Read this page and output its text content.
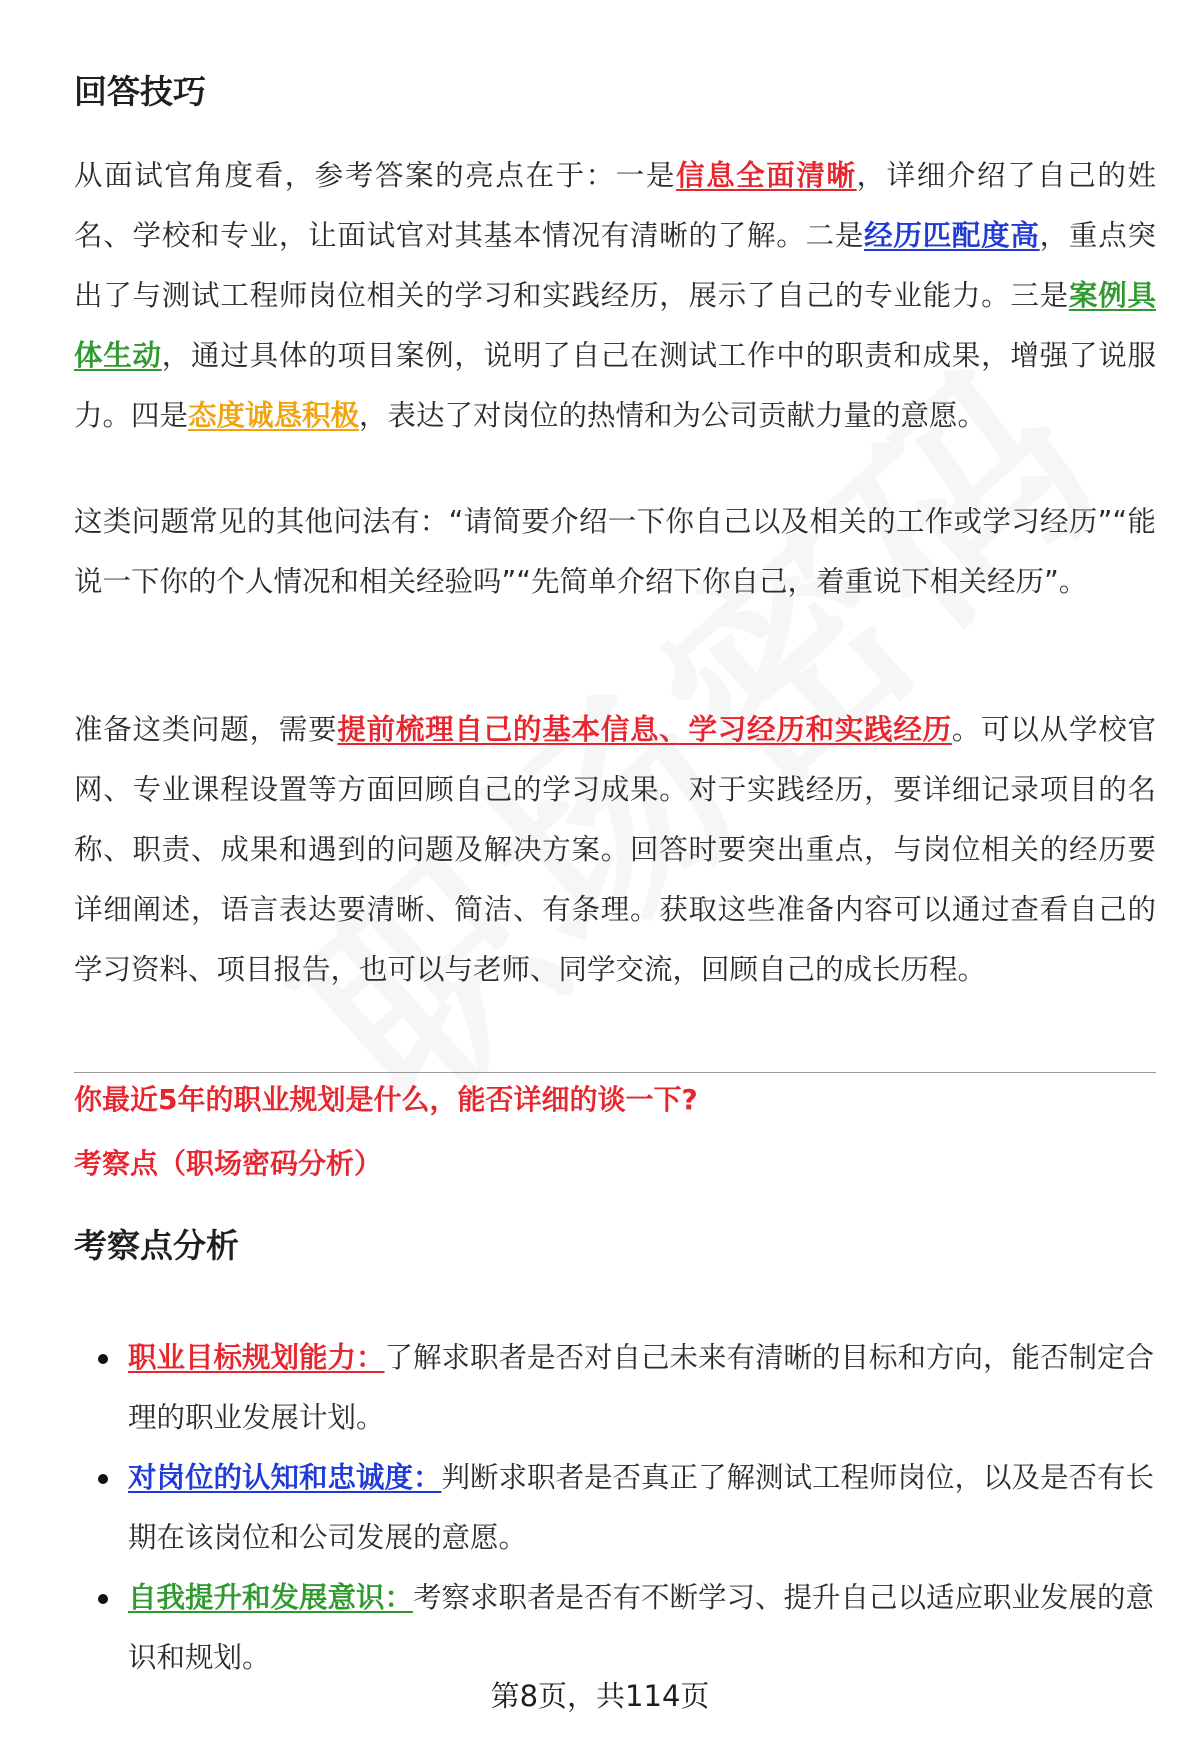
回答技巧

从面试官角度看，参考答案的亮点在于：一是信息全面清晰，详细介绍了自己的姓名、学校和专业，让面试官对其基本情况有清晰的了解。二是经历匹配度高，重点突出了与测试工程师岗位相关的学习和实践经历，展示了自己的专业能力。三是案例具体生动，通过具体的项目案例，说明了自己在测试工作中的职责和成果，增强了说服力。四是态度诚恳积极，表达了对岗位的热情和为公司贡献力量的意愿。

这类问题常见的其他问法有：“请简要介绍一下你自己以及相关的工作或学习经历”“能说一下你的个人情况和相关经验吗”“先简单介绍下你自己，着重说下相关经历”。

准备这类问题，需要提前梳理自己的基本信息、学习经历和实践经历。可以从学校官网、专业课程设置等方面回顾自己的学习成果。对于实践经历，要详细记录项目的名称、职责、成果和遇到的问题及解决方案。回答时要突出重点，与岗位相关的经历要详细阐述，语言表达要清晰、简洁、有条理。获取这些准备内容可以通过查看自己的学习资料、项目报告，也可以与老师、同学交流，回顾自己的成长历程。

你最近5年的职业规划是什么，能否详细的谈一下?

考察点（职场密码分析）

考察点分析
职业目标规划能力：了解求职者是否对自己未来有清晰的目标和方向，能否制定合理的职业发展计划。
对岗位的认知和忠诚度：判断求职者是否真正了解测试工程师岗位，以及是否有长期在该岗位和公司发展的意愿。
自我提升和发展意识：考察求职者是否有不断学习、提升自己以适应职业发展的意识和规划。
第8页，共114页
